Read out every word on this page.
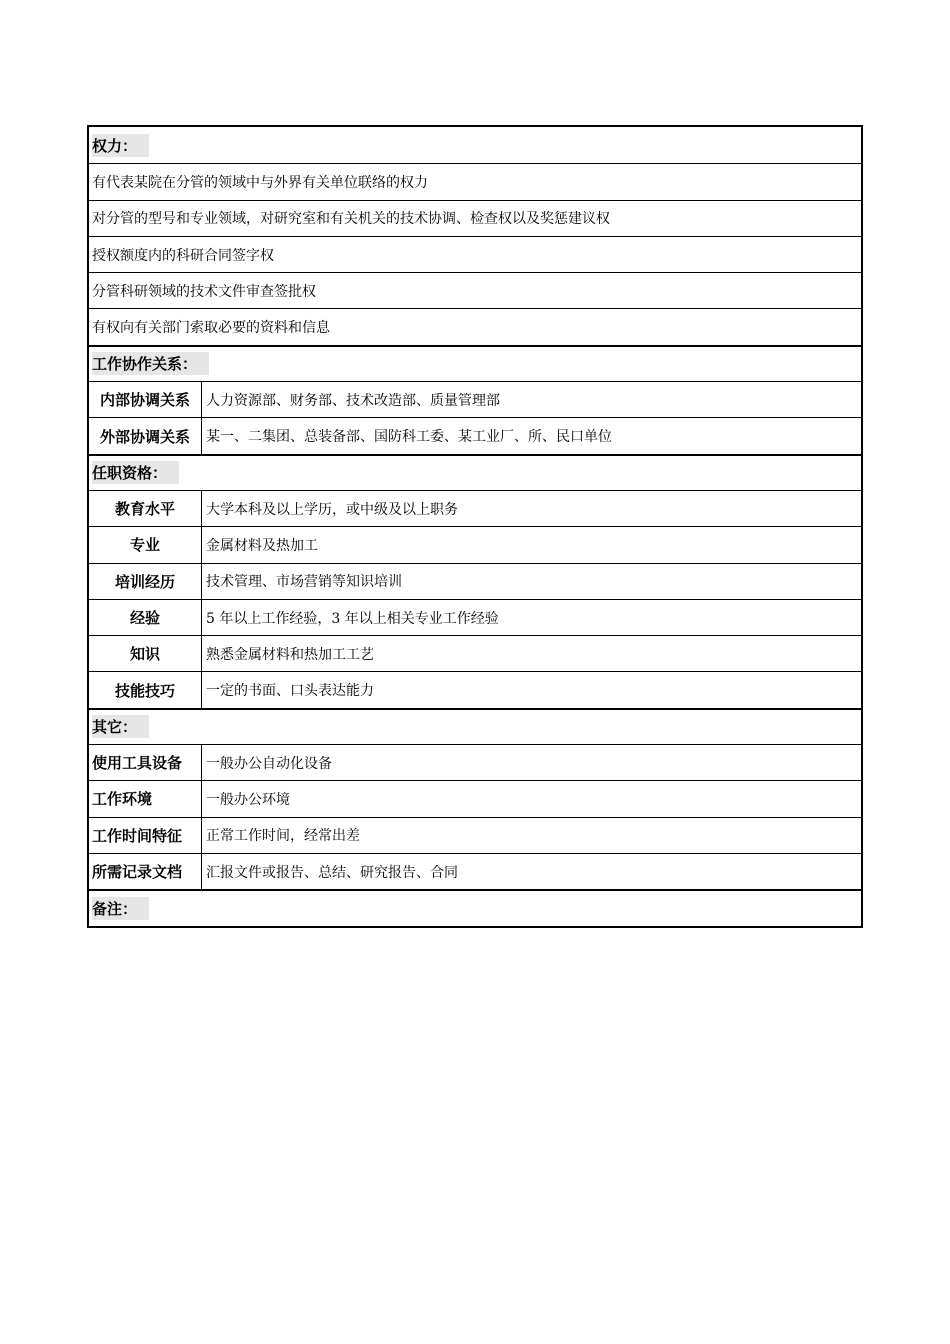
权力：
有代表某院在分管的领域中与外界有关单位联络的权力
对分管的型号和专业领域，对研究室和有关机关的技术协调、检查权以及奖惩建议权
授权额度内的科研合同签字权
分管科研领域的技术文件审查签批权
有权向有关部门索取必要的资料和信息
工作协作关系：
内部协调关系	人力资源部、财务部、技术改造部、质量管理部
外部协调关系	某一、二集团、总装备部、国防科工委、某工业厂、所、民口单位
任职资格：
教育水平	大学本科及以上学历，或中级及以上职务
专业	金属材料及热加工
培训经历	技术管理、市场营销等知识培训
经验	5 年以上工作经验，3 年以上相关专业工作经验
知识	熟悉金属材料和热加工工艺
技能技巧	一定的书面、口头表达能力
其它：
使用工具设备	一般办公自动化设备
工作环境	一般办公环境
工作时间特征	正常工作时间，经常出差
所需记录文档	汇报文件或报告、总结、研究报告、合同
备注：
